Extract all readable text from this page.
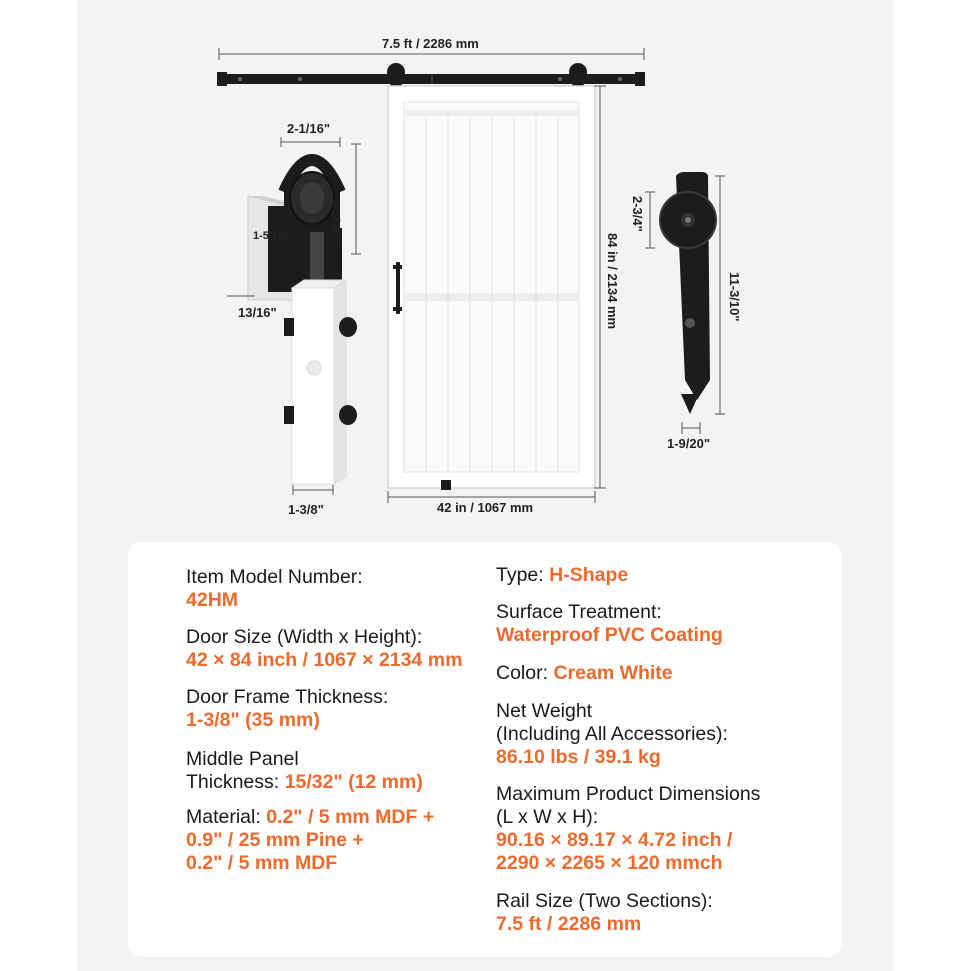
7.5 ft / 2286 mm
2-1/16"
4-5/16"
1-5/16"
13/16"
1-3/8"
84 in / 2134 mm
42 in / 1067 mm
2-3/4"
11-3/10"
1-9/20"
Item Model Number:
42HM
Door Size (Width x Height):
42 × 84 inch / 1067 × 2134 mm
Door Frame Thickness:
1-3/8" (35 mm)
Middle Panel
Thickness: 15/32" (12 mm)
Material: 0.2" / 5 mm MDF +
0.9" / 25 mm Pine +
0.2" / 5 mm MDF
Type: H-Shape
Surface Treatment:
Waterproof PVC Coating
Color: Cream White
Net Weight
(Including All Accessories):
86.10 lbs / 39.1 kg
Maximum Product Dimensions
(L x W x H):
90.16 × 89.17 × 4.72 inch /
2290 × 2265 × 120 mmch
Rail Size (Two Sections):
7.5 ft / 2286 mm
